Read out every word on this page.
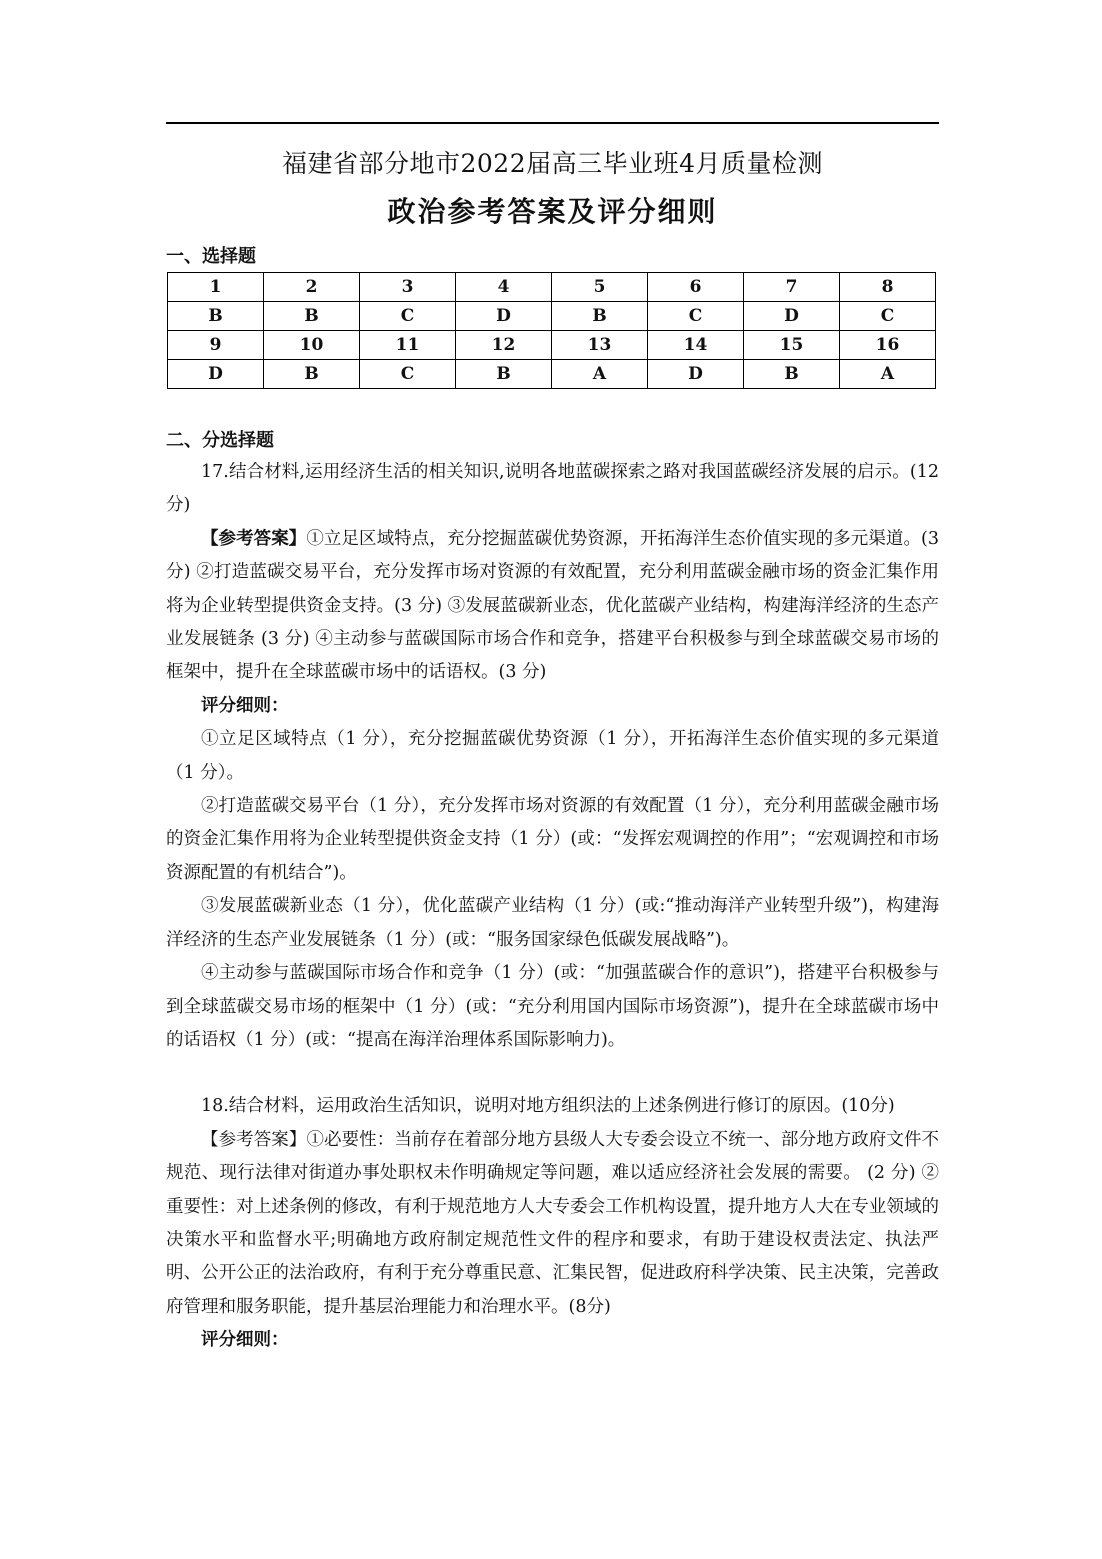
福建省部分地市2022届高三毕业班4月质量检测
政治参考答案及评分细则
一、选择题
1	2	3	4	5	6	7	8
B	B	C	D	B	C	D	C
9	10	11	12	13	14	15	16
D	B	C	B	A	D	B	A
二、分选择题

17.结合材料,运用经济生活的相关知识,说明各地蓝碳探索之路对我国蓝碳经济发展的启示。(12分)

【参考答案】①立足区域特点，充分挖掘蓝碳优势资源，开拓海洋生态价值实现的多元渠道。(3 分) ②打造蓝碳交易平台，充分发挥市场对资源的有效配置，充分利用蓝碳金融市场的资金汇集作用将为企业转型提供资金支持。(3 分) ③发展蓝碳新业态，优化蓝碳产业结构，构建海洋经济的生态产业发展链条 (3 分) ④主动参与蓝碳国际市场合作和竞争，搭建平台积极参与到全球蓝碳交易市场的框架中，提升在全球蓝碳市场中的话语权。(3 分)

评分细则：

①立足区域特点（1 分），充分挖掘蓝碳优势资源（1 分），开拓海洋生态价值实现的多元渠道（1 分）。

②打造蓝碳交易平台（1 分），充分发挥市场对资源的有效配置（1 分），充分利用蓝碳金融市场的资金汇集作用将为企业转型提供资金支持（1 分）(或：“发挥宏观调控的作用”；“宏观调控和市场资源配置的有机结合”)。

③发展蓝碳新业态（1 分），优化蓝碳产业结构（1 分）(或:“推动海洋产业转型升级”)，构建海洋经济的生态产业发展链条（1 分）(或：“服务国家绿色低碳发展战略”)。

④主动参与蓝碳国际市场合作和竞争（1 分）(或：“加强蓝碳合作的意识”)，搭建平台积极参与到全球蓝碳交易市场的框架中（1 分）(或：“充分利用国内国际市场资源”)，提升在全球蓝碳市场中的话语权（1 分）(或：“提高在海洋治理体系国际影响力)。

18.结合材料，运用政治生活知识，说明对地方组织法的上述条例进行修订的原因。(10分)

【参考答案】①必要性：当前存在着部分地方县级人大专委会设立不统一、部分地方政府文件不规范、现行法律对街道办事处职权未作明确规定等问题，难以适应经济社会发展的需要。 (2 分) ②重要性：对上述条例的修改，有利于规范地方人大专委会工作机构设置，提升地方人大在专业领域的决策水平和监督水平;明确地方政府制定规范性文件的程序和要求，有助于建设权责法定、执法严明、公开公正的法治政府，有利于充分尊重民意、汇集民智，促进政府科学决策、民主决策，完善政府管理和服务职能，提升基层治理能力和治理水平。(8分)

评分细则：
